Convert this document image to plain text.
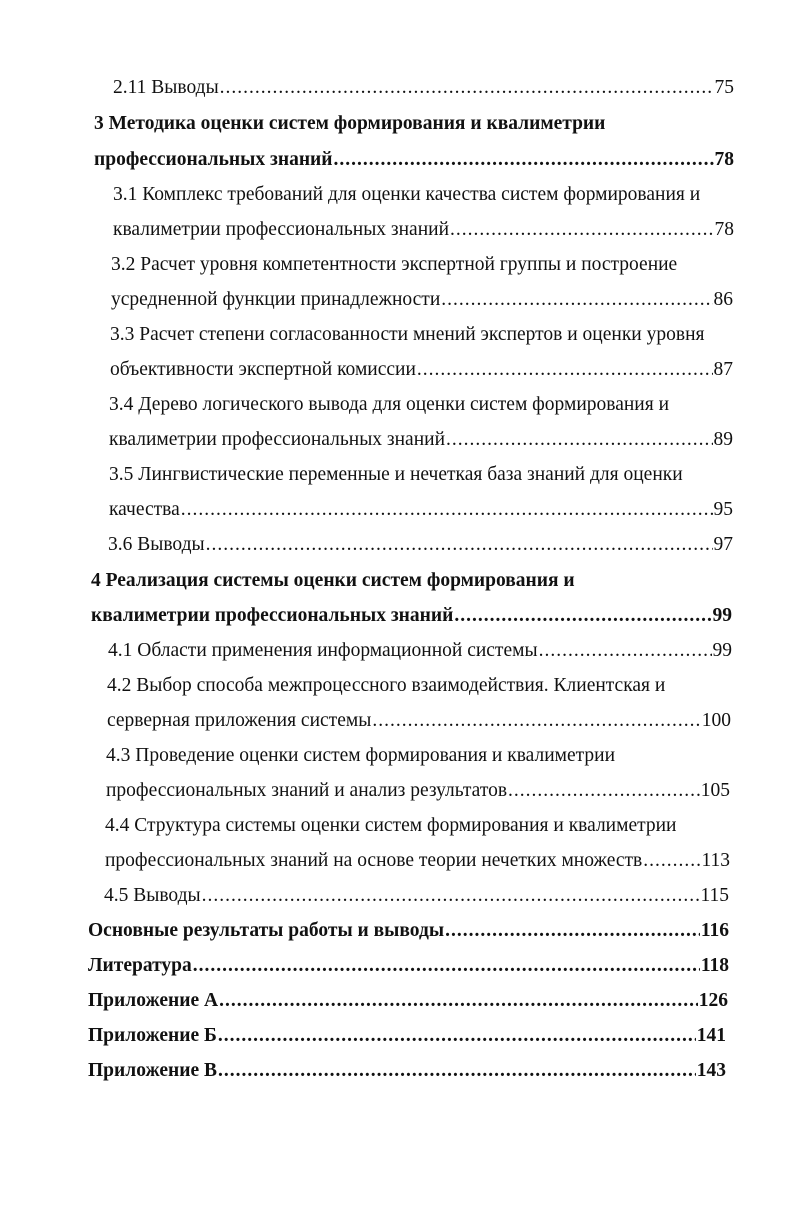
2.11 Выводы .....	75
3 Методика оценки систем формирования и квалиметрии
профессиональных знаний .....	78
3.1 Комплекс требований для оценки качества систем формирования и
квалиметрии профессиональных знаний .....	78
3.2 Расчет уровня компетентности экспертной группы и построение
усредненной функции принадлежности .....	86
3.3 Расчет степени согласованности мнений экспертов и оценки уровня
объективности экспертной комиссии .....	87
3.4 Дерево логического вывода для оценки систем формирования и
квалиметрии профессиональных знаний .....	89
3.5 Лингвистические переменные и нечеткая база знаний для оценки
качества .....	95
3.6 Выводы .....	97
4 Реализация системы оценки систем формирования и
квалиметрии профессиональных знаний .....	99
4.1 Области применения информационной системы .....	99
4.2 Выбор способа межпроцессного взаимодействия. Клиентская и
серверная приложения системы .....	100
4.3 Проведение оценки систем формирования и квалиметрии
профессиональных знаний и анализ результатов .....	105
4.4 Структура системы оценки систем формирования и квалиметрии
профессиональных знаний на основе теории нечетких множеств .....	113
4.5 Выводы .....	115
Основные результаты работы и выводы .....	116
Литература .....	118
Приложение А .....	126
Приложение Б .....	141
Приложение В .....	143
